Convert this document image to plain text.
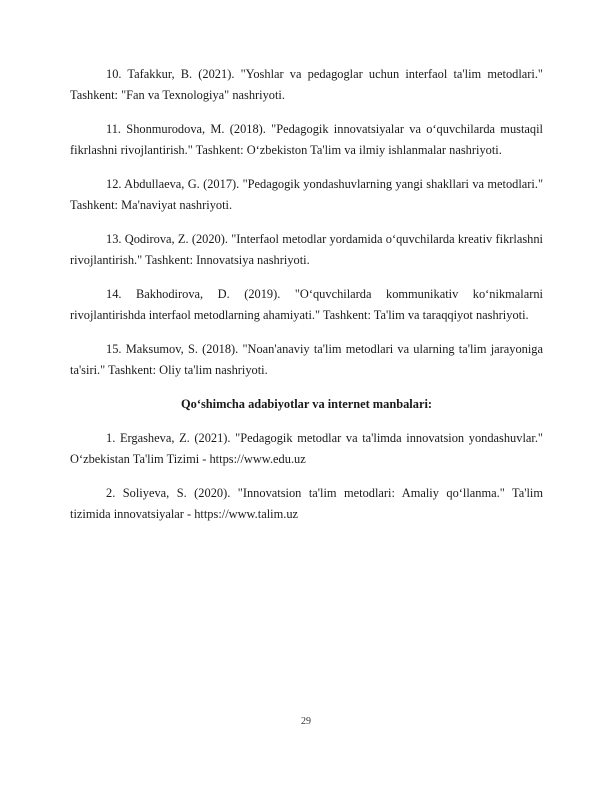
10. Tafakkur, B. (2021). "Yoshlar va pedagoglar uchun interfaol ta'lim metodlari." Tashkent: "Fan va Texnologiya" nashriyoti.

11. Shonmurodova, M. (2018). "Pedagogik innovatsiyalar va o‘quvchilarda mustaqil fikrlashni rivojlantirish." Tashkent: O‘zbekiston Ta'lim va ilmiy ishlanmalar nashriyoti.

12. Abdullaeva, G. (2017). "Pedagogik yondashuvlarning yangi shakllari va metodlari." Tashkent: Ma'naviyat nashriyoti.

13. Qodirova, Z. (2020). "Interfaol metodlar yordamida o‘quvchilarda kreativ fikrlashni rivojlantirish." Tashkent: Innovatsiya nashriyoti.

14. Bakhodirova, D. (2019). "O‘quvchilarda kommunikativ ko‘nikmalarni rivojlantirishda interfaol metodlarning ahamiyati." Tashkent: Ta'lim va taraqqiyot nashriyoti.

15. Maksumov, S. (2018). "Noan'anaviy ta'lim metodlari va ularning ta'lim jarayoniga ta'siri." Tashkent: Oliy ta'lim nashriyoti.

Qo‘shimcha adabiyotlar va internet manbalari:

1. Ergasheva, Z. (2021). "Pedagogik metodlar va ta'limda innovatsion yondashuvlar." O‘zbekistan Ta'lim Tizimi - https://www.edu.uz

2. Soliyeva, S. (2020). "Innovatsion ta'lim metodlari: Amaliy qo‘llanma." Ta'lim tizimida innovatsiyalar - https://www.talim.uz

29
